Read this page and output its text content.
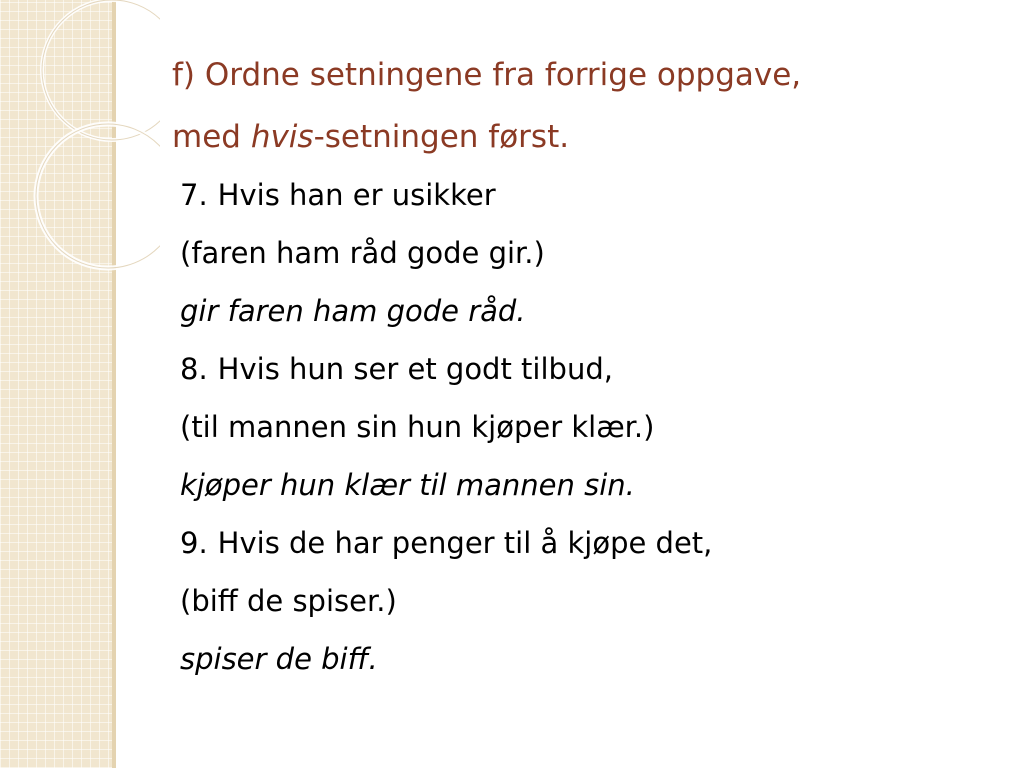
f) Ordne setningene fra forrige oppgave,
med hvis-setningen først.
7. Hvis han er usikker
(faren ham råd gode gir.)
gir faren ham gode råd.
8. Hvis hun ser et godt tilbud,
(til mannen sin hun kjøper klær.)
kjøper hun klær til mannen sin.
9. Hvis de har penger til å kjøpe det,
(biff de spiser.)
spiser de biff.
